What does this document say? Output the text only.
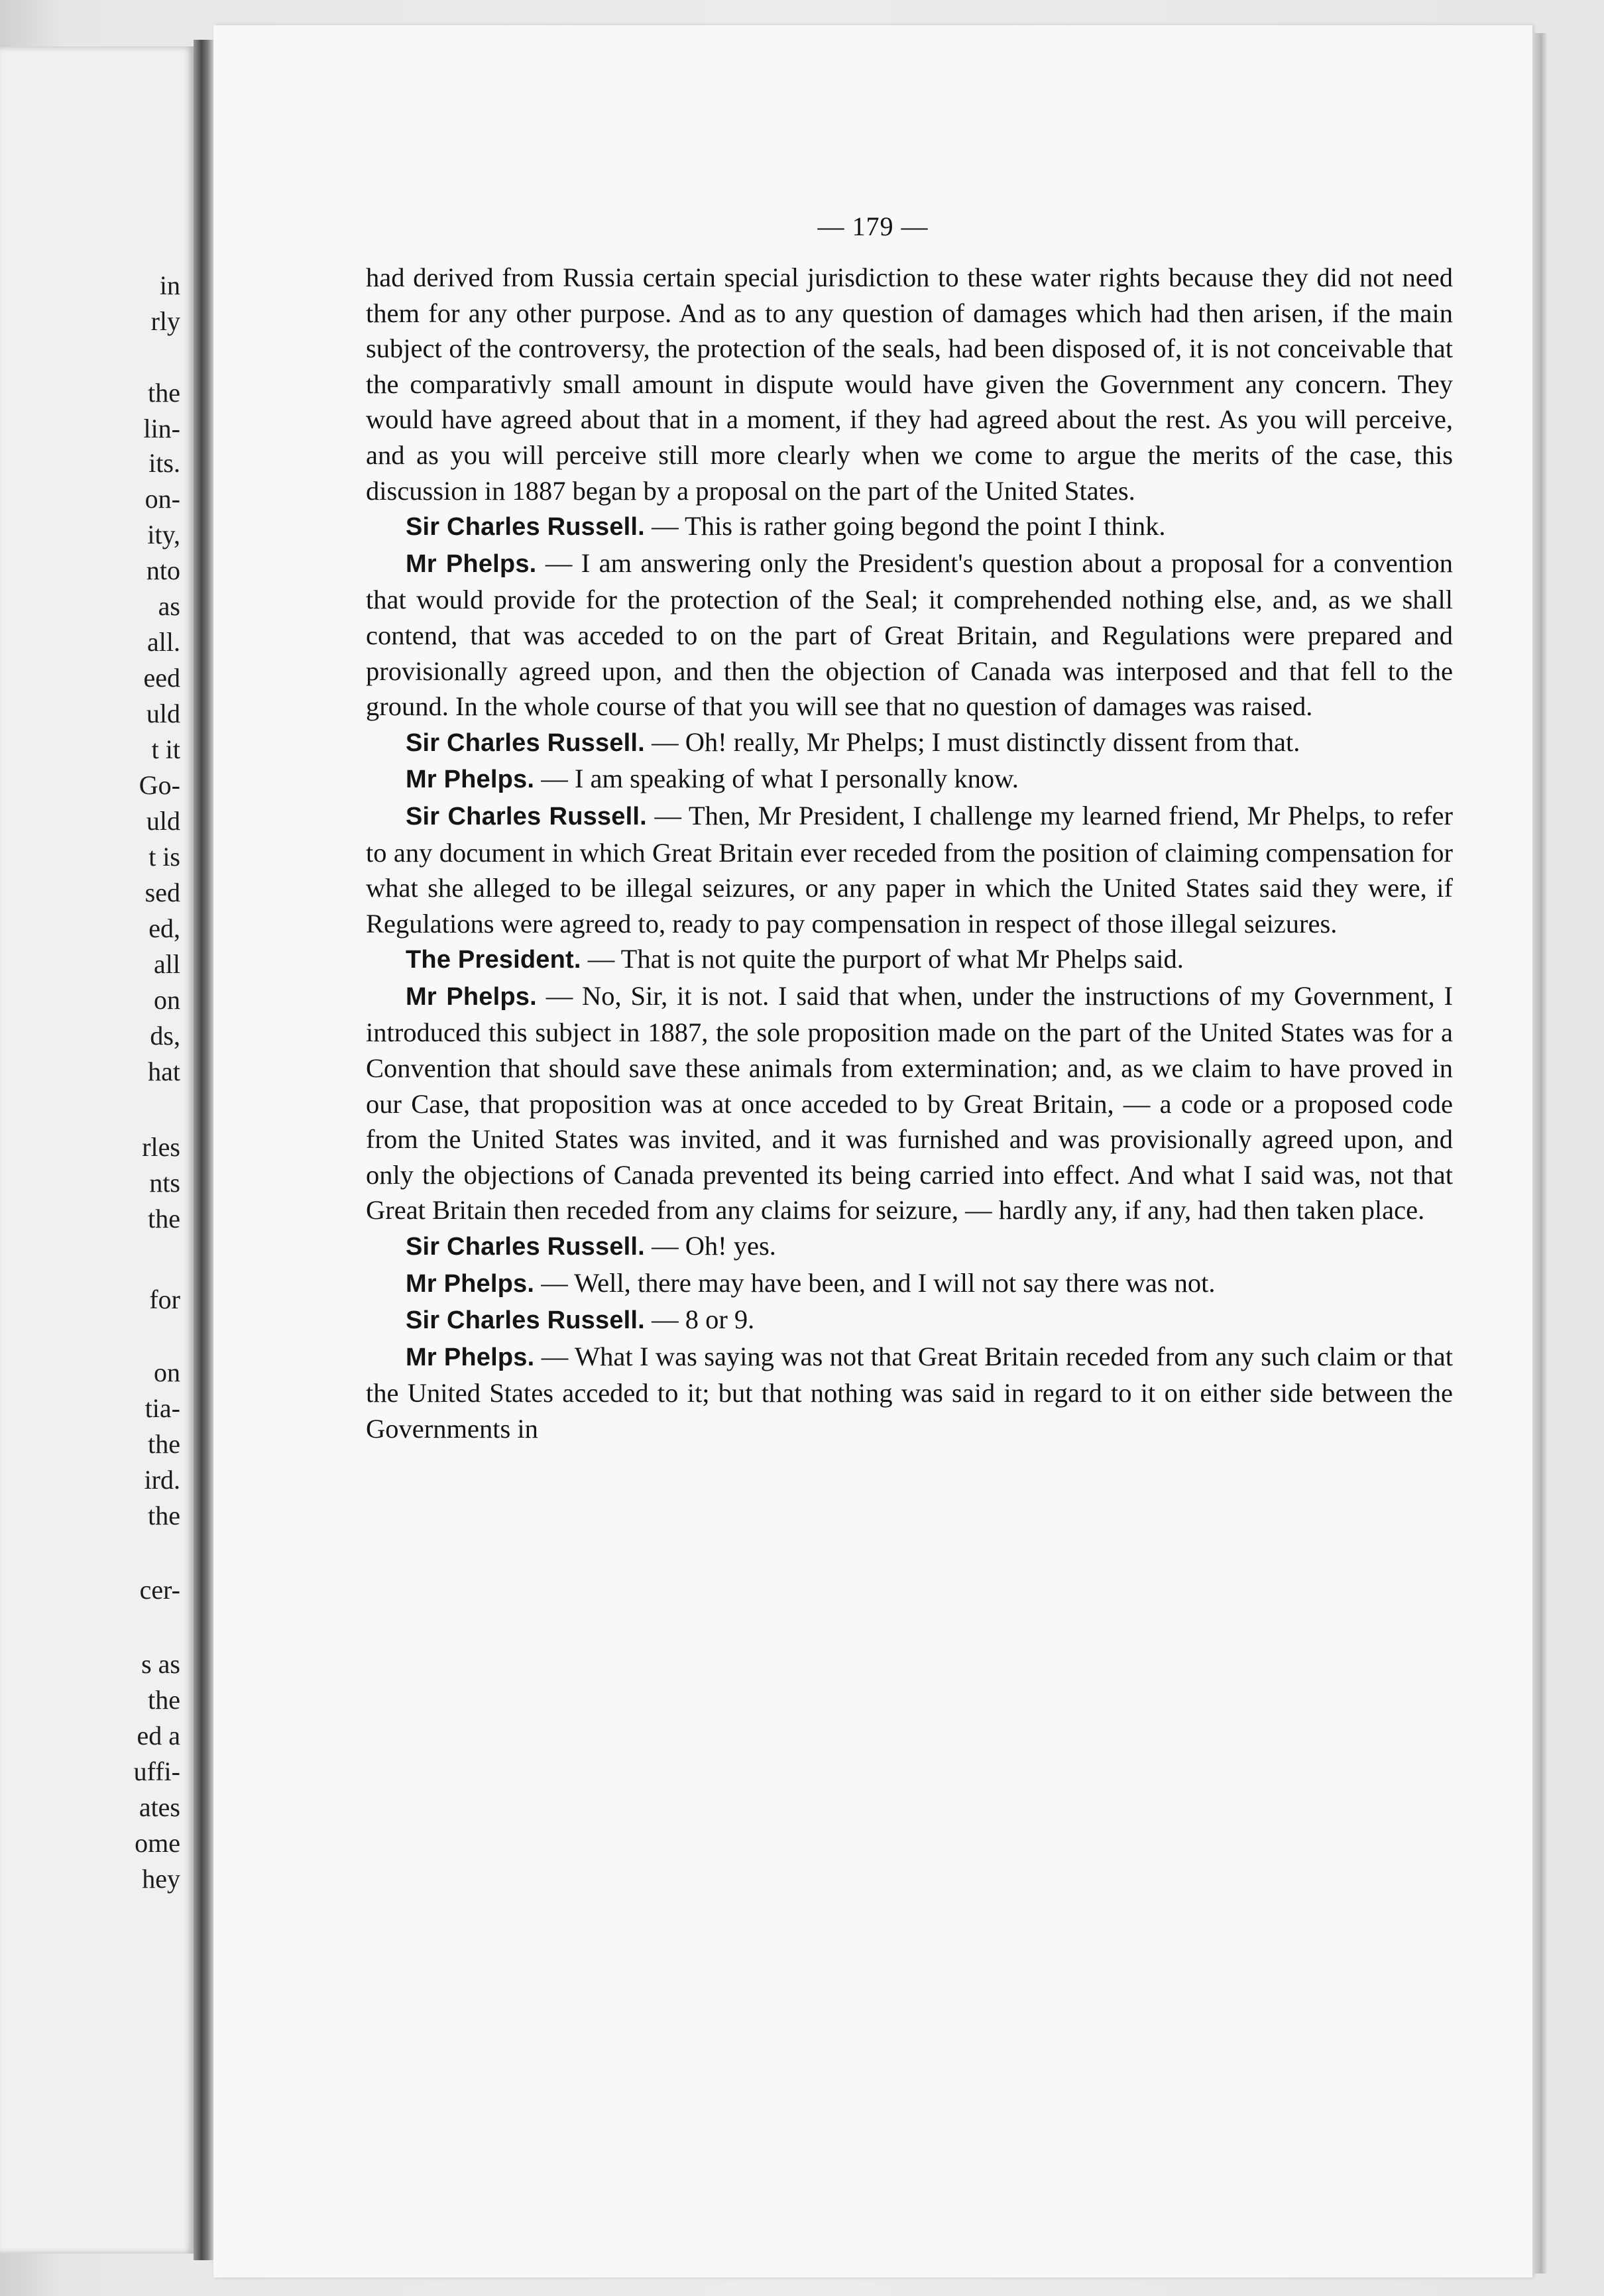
in
rly
the
lin-
its.
on-
ity,
nto
as
all.
eed
uld
t it
Go-
uld
t is
sed
ed,
all
on
ds,
hat
rles
nts
the
for
on
tia-
the
ird.
the
cer-
s as
the
ed a
uffi-
ates
ome
hey
— 179 —

had derived from Russia certain special jurisdiction to these water rights because they did not need them for any other purpose. And as to any question of damages which had then arisen, if the main subject of the controversy, the protection of the seals, had been disposed of, it is not conceivable that the comparativly small amount in dispute would have given the Government any concern. They would have agreed about that in a moment, if they had agreed about the rest. As you will perceive, and as you will perceive still more clearly when we come to argue the merits of the case, this discussion in 1887 began by a proposal on the part of the United States.

Sir Charles Russell. — This is rather going begond the point I think.

Mr Phelps. — I am answering only the President's question about a proposal for a convention that would provide for the protection of the Seal; it comprehended nothing else, and, as we shall contend, that was acceded to on the part of Great Britain, and Regulations were prepared and provisionally agreed upon, and then the objection of Canada was interposed and that fell to the ground. In the whole course of that you will see that no question of damages was raised.

Sir Charles Russell. — Oh! really, Mr Phelps; I must distinctly dissent from that.

Mr Phelps. — I am speaking of what I personally know.

Sir Charles Russell. — Then, Mr President, I challenge my learned friend, Mr Phelps, to refer to any document in which Great Britain ever receded from the position of claiming compensation for what she alleged to be illegal seizures, or any paper in which the United States said they were, if Regulations were agreed to, ready to pay compensation in respect of those illegal seizures.

The President. — That is not quite the purport of what Mr Phelps said.

Mr Phelps. — No, Sir, it is not. I said that when, under the instructions of my Government, I introduced this subject in 1887, the sole proposition made on the part of the United States was for a Convention that should save these animals from extermination; and, as we claim to have proved in our Case, that proposition was at once acceded to by Great Britain, — a code or a proposed code from the United States was invited, and it was furnished and was provisionally agreed upon, and only the objections of Canada prevented its being carried into effect. And what I said was, not that Great Britain then receded from any claims for seizure, — hardly any, if any, had then taken place.

Sir Charles Russell. — Oh! yes.

Mr Phelps. — Well, there may have been, and I will not say there was not.

Sir Charles Russell. — 8 or 9.

Mr Phelps. — What I was saying was not that Great Britain receded from any such claim or that the United States acceded to it; but that nothing was said in regard to it on either side between the Governments in
